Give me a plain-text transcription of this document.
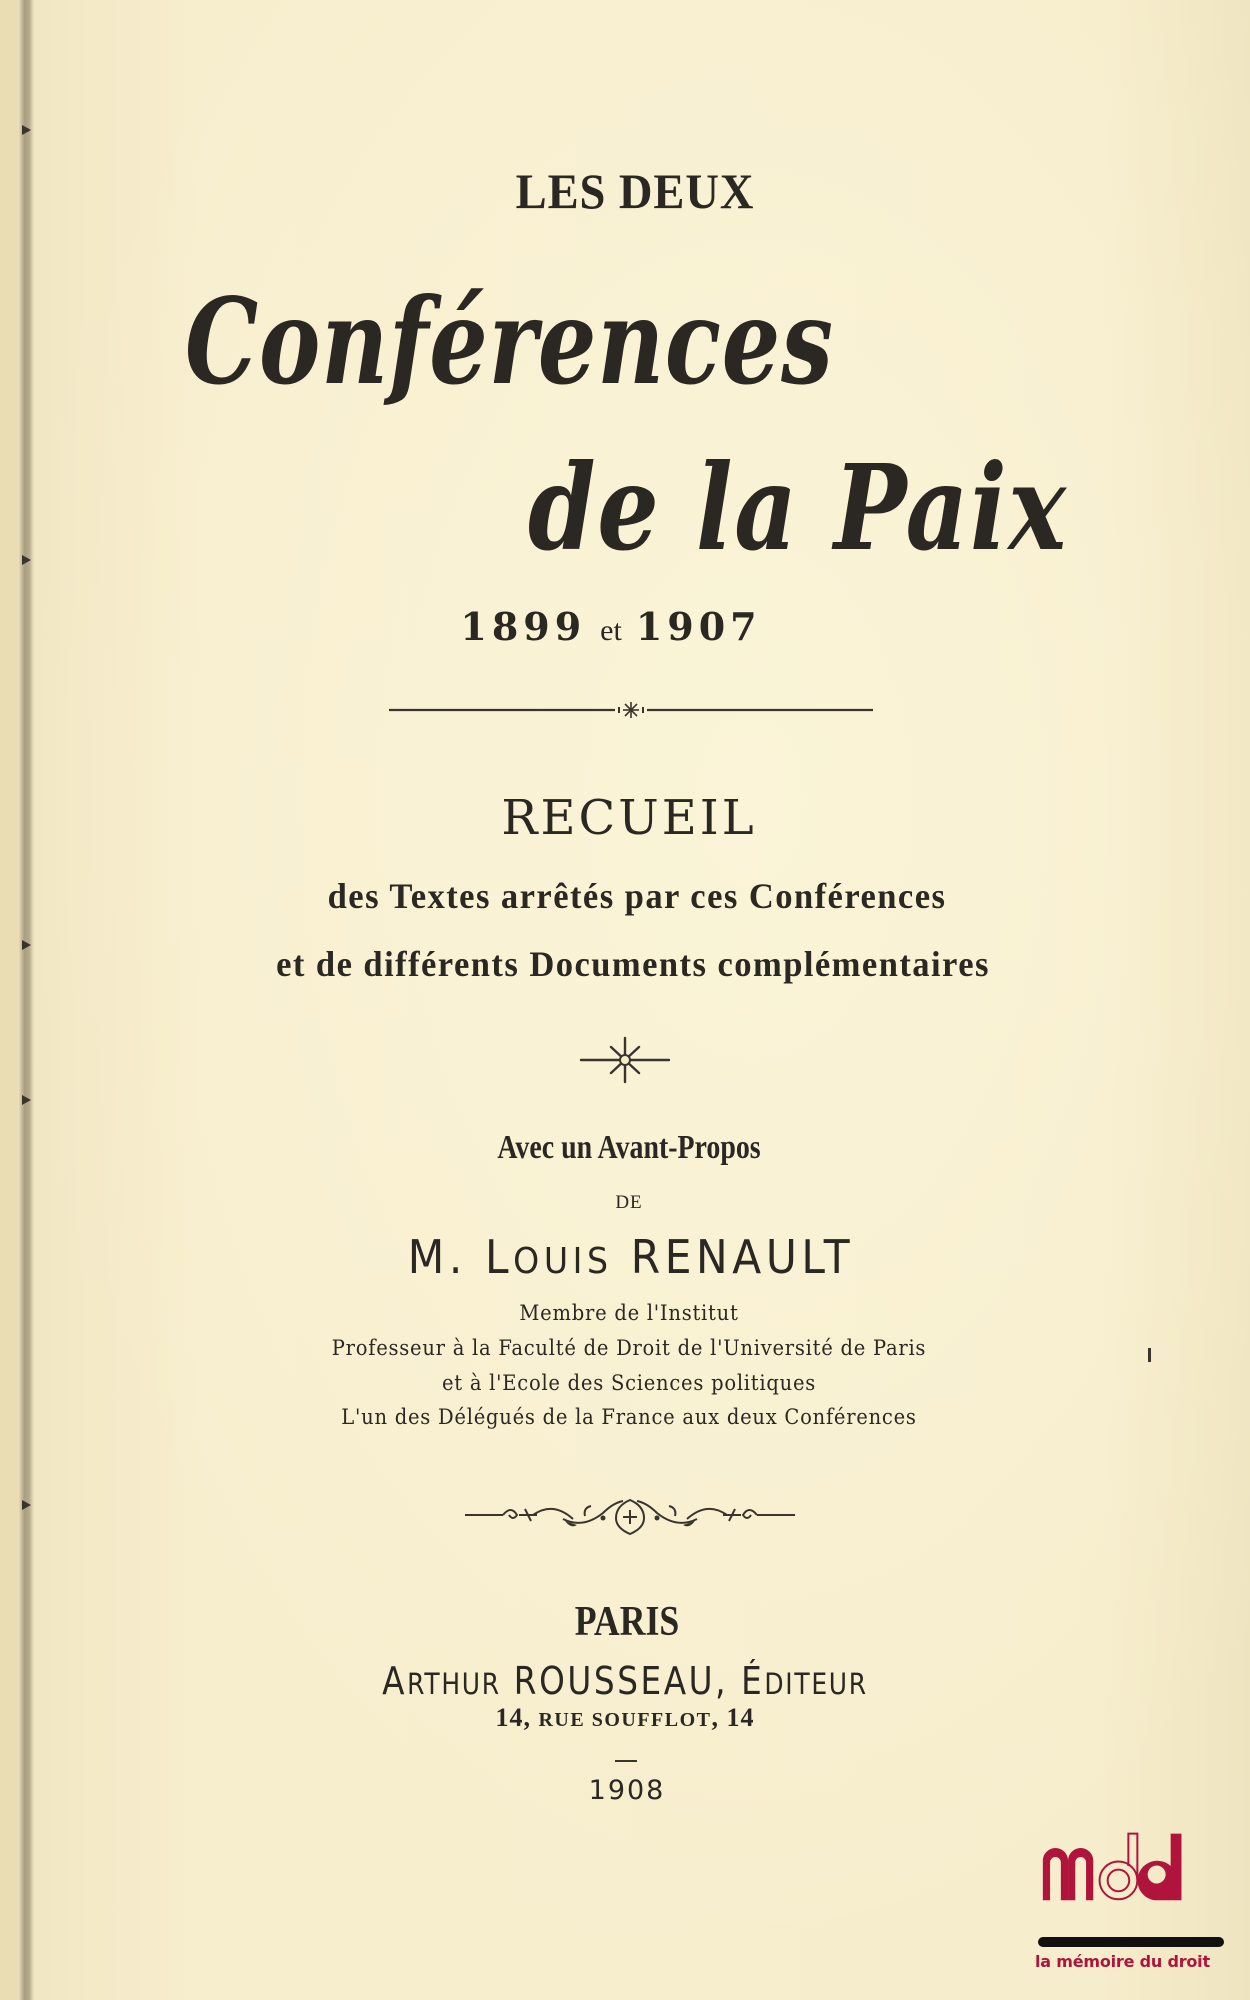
LES DEUX
Conférences
de la Paix
1899 et 1907
RECUEIL
des Textes arrêtés par ces Conférences
et de différents Documents complémentaires
Avec un Avant-Propos
DE
M. LOUIS RENAULT
Membre de l'Institut
Professeur à la Faculté de Droit de l'Université de Paris
et à l'Ecole des Sciences politiques
L'un des Délégués de la France aux deux Conférences
PARIS
ARTHUR ROUSSEAU, ÉDITEUR
14, RUE SOUFFLOT, 14
1908
la mémoire du droit
